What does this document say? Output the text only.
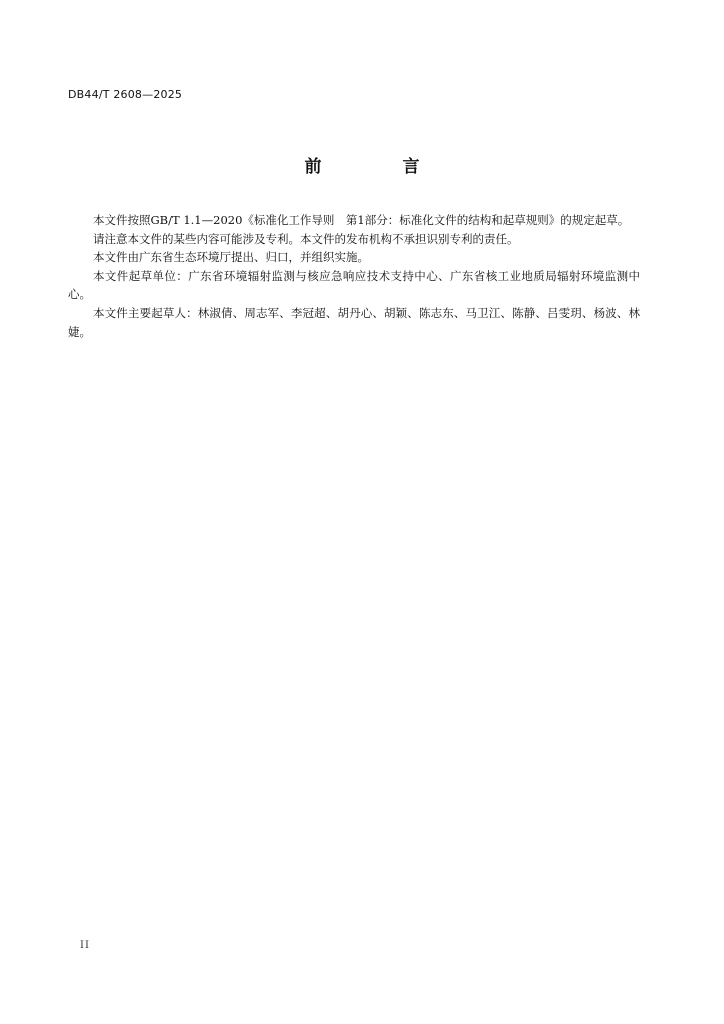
DB44/T 2608—2025
前　言

本文件按照GB/T 1.1—2020《标准化工作导则　第1部分：标准化文件的结构和起草规则》的规定起草。

请注意本文件的某些内容可能涉及专利。本文件的发布机构不承担识别专利的责任。

本文件由广东省生态环境厅提出、归口，并组织实施。

本文件起草单位：广东省环境辐射监测与核应急响应技术支持中心、广东省核工业地质局辐射环境监测中心。

本文件主要起草人：林淑倩、周志军、李冠超、胡丹心、胡颖、陈志东、马卫江、陈静、吕雯玥、杨波、林婕。

II
